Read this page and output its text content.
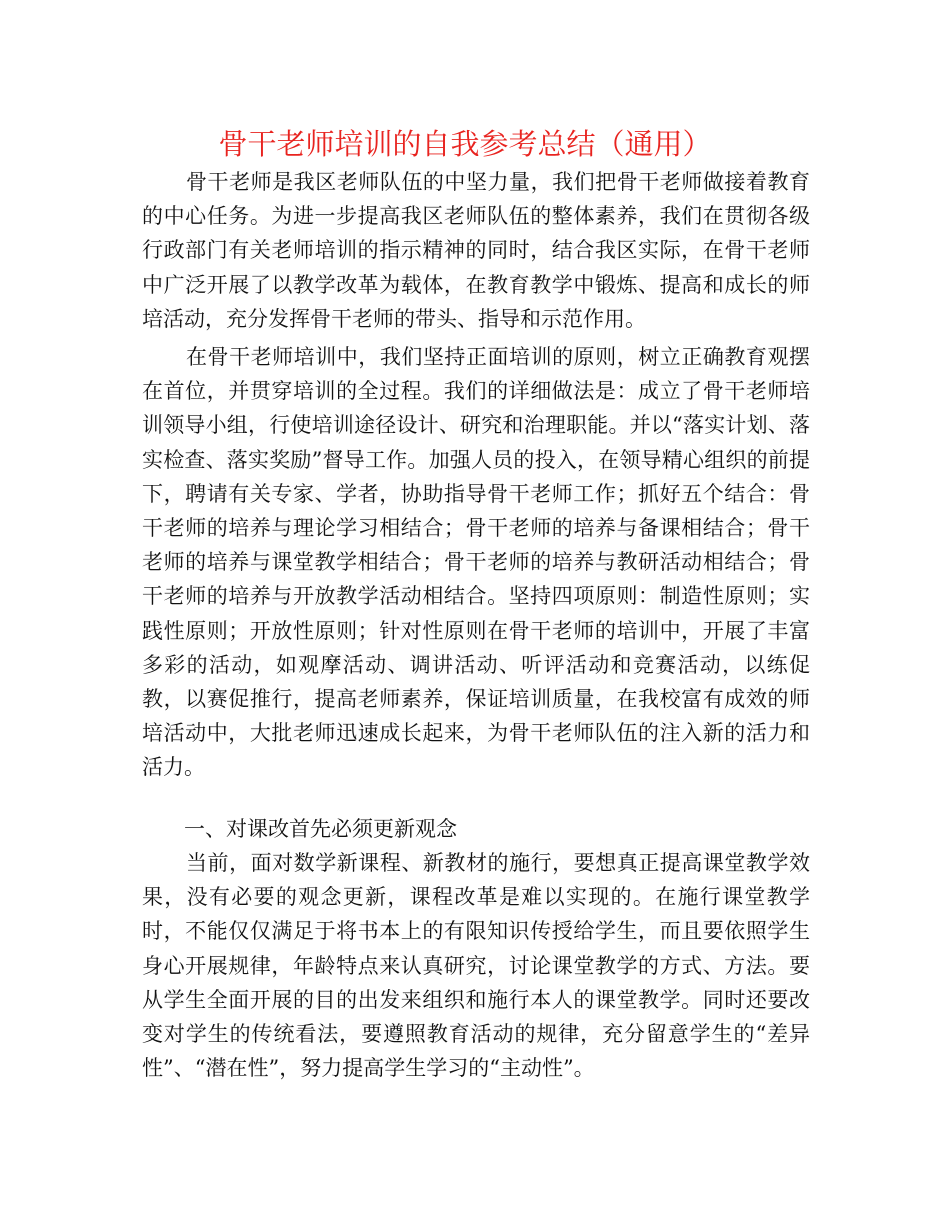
骨干老师培训的自我参考总结（通用）

骨干老师是我区老师队伍的中坚力量，我们把骨干老师做接着教育的中心任务。为进一步提高我区老师队伍的整体素养，我们在贯彻各级行政部门有关老师培训的指示精神的同时，结合我区实际，在骨干老师中广泛开展了以教学改革为载体，在教育教学中锻炼、提高和成长的师培活动，充分发挥骨干老师的带头、指导和示范作用。

在骨干老师培训中，我们坚持正面培训的原则，树立正确教育观摆在首位，并贯穿培训的全过程。我们的详细做法是：成立了骨干老师培训领导小组，行使培训途径设计、研究和治理职能。并以“落实计划、落实检查、落实奖励”督导工作。加强人员的投入，在领导精心组织的前提下，聘请有关专家、学者，协助指导骨干老师工作；抓好五个结合：骨干老师的培养与理论学习相结合；骨干老师的培养与备课相结合；骨干老师的培养与课堂教学相结合；骨干老师的培养与教研活动相结合；骨干老师的培养与开放教学活动相结合。坚持四项原则：制造性原则；实践性原则；开放性原则；针对性原则在骨干老师的培训中，开展了丰富多彩的活动，如观摩活动、调讲活动、听评活动和竞赛活动，以练促教，以赛促推行，提高老师素养，保证培训质量，在我校富有成效的师培活动中，大批老师迅速成长起来，为骨干老师队伍的注入新的活力和活力。

一、对课改首先必须更新观念

当前，面对数学新课程、新教材的施行，要想真正提高课堂教学效果，没有必要的观念更新，课程改革是难以实现的。在施行课堂教学时，不能仅仅满足于将书本上的有限知识传授给学生，而且要依照学生身心开展规律，年龄特点来认真研究，讨论课堂教学的方式、方法。要从学生全面开展的目的出发来组织和施行本人的课堂教学。同时还要改变对学生的传统看法，要遵照教育活动的规律，充分留意学生的“差异性”、“潜在性”，努力提高学生学习的“主动性”。
